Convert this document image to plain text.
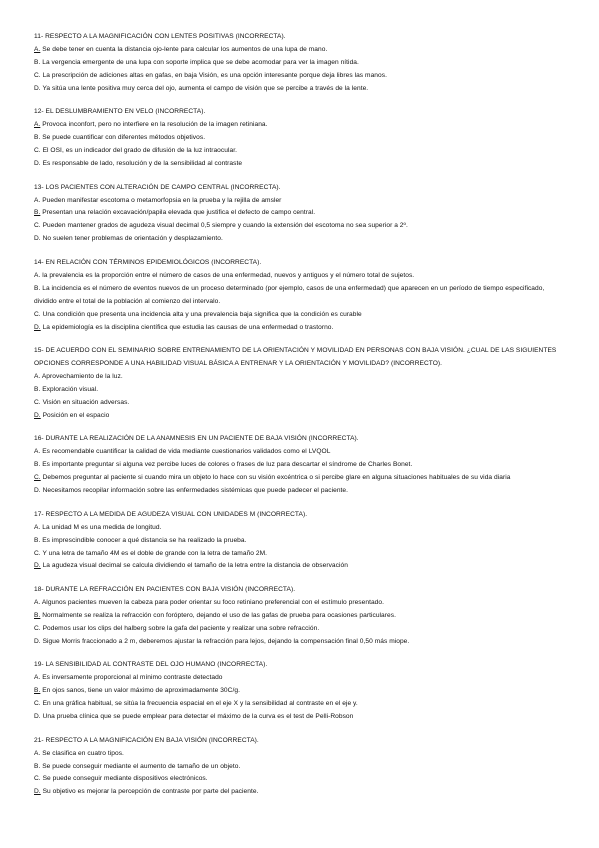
11- RESPECTO A LA MAGNIFICACIÓN CON LENTES POSITIVAS (INCORRECTA).

A. Se debe tener en cuenta la distancia ojo-lente para calcular los aumentos de una lupa de mano.

B. La vergencia emergente de una lupa con soporte implica que se debe acomodar para ver la imagen nítida.

C. La prescripción de adiciones altas en gafas, en baja Visión, es una opción interesante porque deja libres las manos.

D. Ya sitúa una lente positiva muy cerca del ojo, aumenta el campo de visión que se percibe a través de la lente.

12- EL DESLUMBRAMIENTO EN VELO (INCORRECTA).

A. Provoca inconfort, pero no interfiere en la resolución de la imagen retiniana.

B. Se puede cuantificar con diferentes métodos objetivos.

C. El OSI, es un indicador del grado de difusión de la luz intraocular.

D. Es responsable de lado, resolución y de la sensibilidad al contraste

13- LOS PACIENTES CON ALTERACIÓN DE CAMPO CENTRAL (INCORRECTA).

A. Pueden manifestar escotoma o metamorfopsia en la prueba y la rejilla de amsler

B. Presentan una relación excavación/papila elevada que justifica el defecto de campo central.

C. Pueden mantener grados de agudeza visual decimal 0,5 siempre y cuando la extensión del escotoma no sea superior a 2º.

D. No suelen tener problemas de orientación y desplazamiento.

14- EN RELACIÓN CON TÉRMINOS EPIDEMIOLÓGICOS (INCORRECTA).

A. la prevalencia es la proporción entre el número de casos de una enfermedad, nuevos y antiguos y el número total de sujetos.

B. La incidencia es el número de eventos nuevos de un proceso determinado (por ejemplo, casos de una enfermedad) que aparecen en un período de tiempo especificado, dividido entre el total de la población al comienzo del intervalo.

C. Una condición que presenta una incidencia alta y una prevalencia baja significa que la condición es curable

D. La epidemiología es la disciplina científica que estudia las causas de una enfermedad o trastorno.

15- DE ACUERDO CON EL SEMINARIO SOBRE ENTRENAMIENTO DE LA ORIENTACIÓN Y MOVILIDAD EN PERSONAS CON BAJA VISIÓN. ¿CUAL DE LAS SIGUIENTES OPCIONES CORRESPONDE A UNA HABILIDAD VISUAL BÁSICA A ENTRENAR Y LA ORIENTACIÓN Y MOVILIDAD? (INCORRECTO).

A. Aprovechamiento de la luz.

B. Exploración visual.

C. Visión en situación adversas.

D. Posición en el espacio

16- DURANTE LA REALIZACIÓN DE LA ANAMNESIS EN UN PACIENTE DE BAJA VISIÓN (INCORRECTA).

A. Es recomendable cuantificar la calidad de vida mediante cuestionarios validados como el LVQOL

B. Es importante preguntar si alguna vez percibe luces de colores o frases de luz para descartar el síndrome de Charles Bonet.

C. Debemos preguntar al paciente si cuando mira un objeto lo hace con su visión excéntrica o si percibe glare en alguna situaciones habituales de su vida diaria

D. Necesitamos recopilar información sobre las enfermedades sistémicas que puede padecer el paciente.

17- RESPECTO A LA MEDIDA DE AGUDEZA VISUAL CON UNIDADES M (INCORRECTA).

A. La unidad M es una medida de longitud.

B. Es imprescindible conocer a qué distancia se ha realizado la prueba.

C. Y una letra de tamaño 4M es el doble de grande con la letra de tamaño 2M.

D. La agudeza visual decimal se calcula dividiendo el tamaño de la letra entre la distancia de observación

18- DURANTE LA REFRACCIÓN EN PACIENTES CON BAJA VISIÓN (INCORRECTA).

A. Algunos pacientes mueven la cabeza para poder orientar su foco retiniano preferencial con el estímulo presentado.

B. Normalmente se realiza la refracción con foróptero, dejando el uso de las gafas de prueba para ocasiones particulares.

C. Podemos usar los clips del halberg sobre la gafa del paciente y realizar una sobre refracción.

D. Sigue Morris fraccionado a 2 m, deberemos ajustar la refracción para lejos, dejando la compensación final 0,50 más miope.

19- LA SENSIBILIDAD AL CONTRASTE DEL OJO HUMANO (INCORRECTA).

A. Es inversamente proporcional al mínimo contraste detectado

B. En ojos sanos, tiene un valor máximo de aproximadamente 30C/g.

C. En una gráfica habitual, se sitúa la frecuencia espacial en el eje X y la sensibilidad al contraste en el eje y.

D. Una prueba clínica que se puede emplear para detectar el máximo de la curva es el test de Pelli-Robson

21- RESPECTO A LA MAGNIFICACIÓN EN BAJA VISIÓN (INCORRECTA).

A. Se clasifica en cuatro tipos.

B. Se puede conseguir mediante el aumento de tamaño de un objeto.

C. Se puede conseguir mediante dispositivos electrónicos.

D. Su objetivo es mejorar la percepción de contraste por parte del paciente.
